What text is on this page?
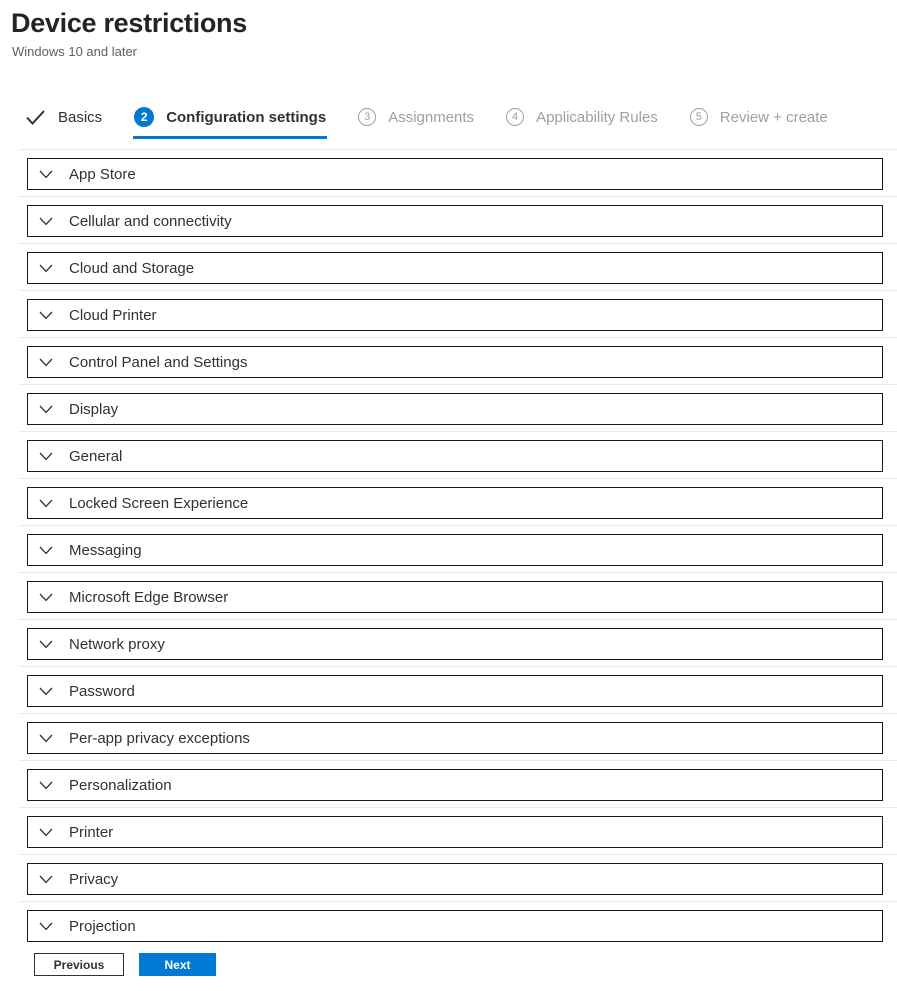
Device restrictions
Windows 10 and later
Basics	2	Configuration settings	3	Assignments	4	Applicability Rules	5	Review + create
App Store
Cellular and connectivity
Cloud and Storage
Cloud Printer
Control Panel and Settings
Display
General
Locked Screen Experience
Messaging
Microsoft Edge Browser
Network proxy
Password
Per-app privacy exceptions
Personalization
Printer
Privacy
Projection
Previous	Next
